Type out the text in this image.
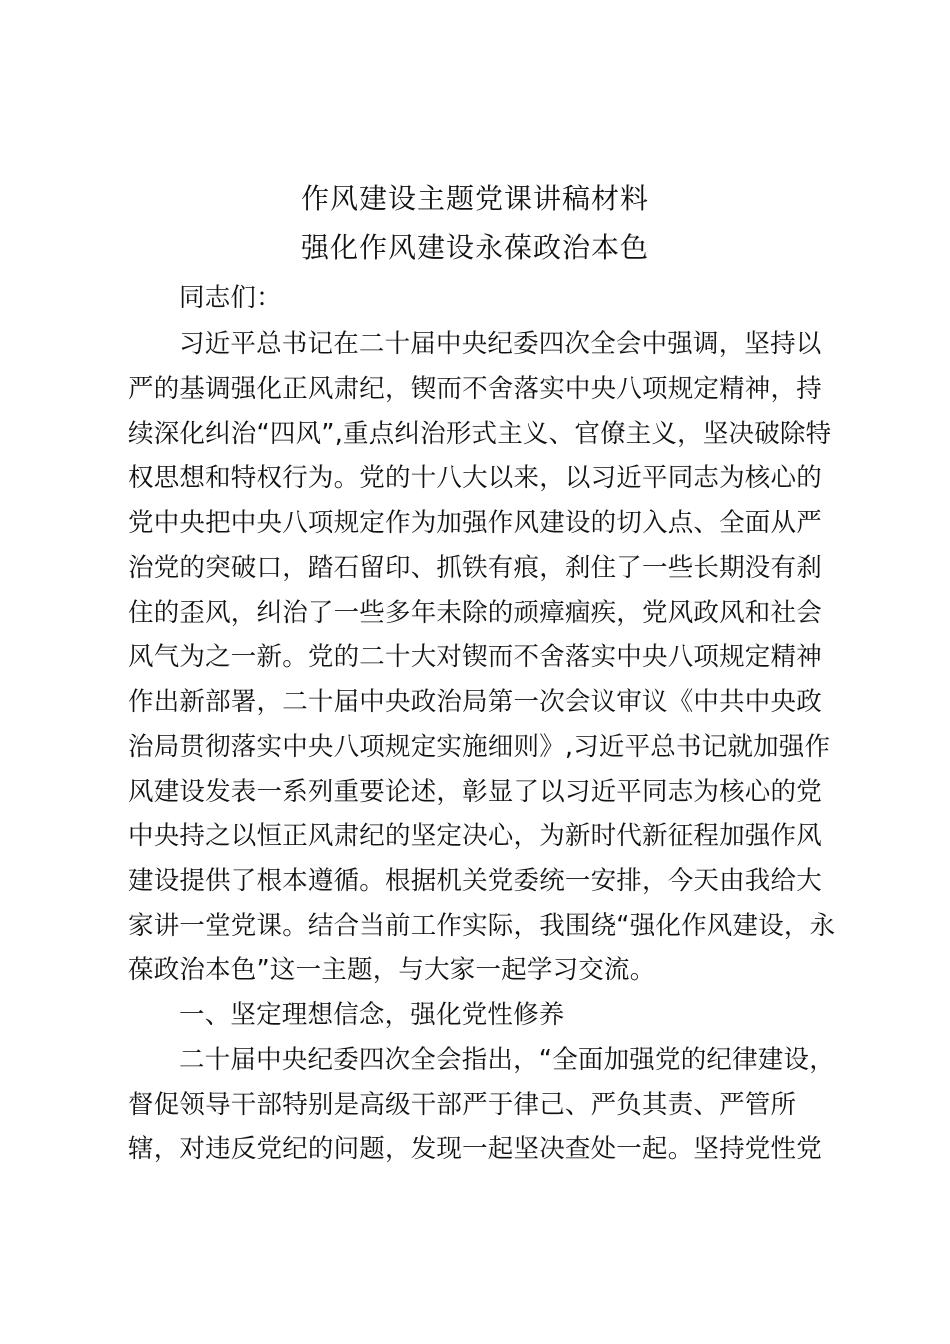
作风建设主题党课讲稿材料
强化作风建设永葆政治本色
同志们：
习近平总书记在二十届中央纪委四次全会中强调，坚持以
严的基调强化正风肃纪，锲而不舍落实中央八项规定精神，持
续深化纠治“四风”,重点纠治形式主义、官僚主义，坚决破除特
权思想和特权行为。党的十八大以来，以习近平同志为核心的
党中央把中央八项规定作为加强作风建设的切入点、全面从严
治党的突破口，踏石留印、抓铁有痕，刹住了一些长期没有刹
住的歪风，纠治了一些多年未除的顽瘴痼疾，党风政风和社会
风气为之一新。党的二十大对锲而不舍落实中央八项规定精神
作出新部署，二十届中央政治局第一次会议审议《中共中央政
治局贯彻落实中央八项规定实施细则》,习近平总书记就加强作
风建设发表一系列重要论述，彰显了以习近平同志为核心的党
中央持之以恒正风肃纪的坚定决心，为新时代新征程加强作风
建设提供了根本遵循。根据机关党委统一安排，今天由我给大
家讲一堂党课。结合当前工作实际，我围绕“强化作风建设，永
葆政治本色”这一主题，与大家一起学习交流。
一、坚定理想信念，强化党性修养
二十届中央纪委四次全会指出，“全面加强党的纪律建设，
督促领导干部特别是高级干部严于律己、严负其责、严管所
辖，对违反党纪的问题，发现一起坚决查处一起。坚持党性党
